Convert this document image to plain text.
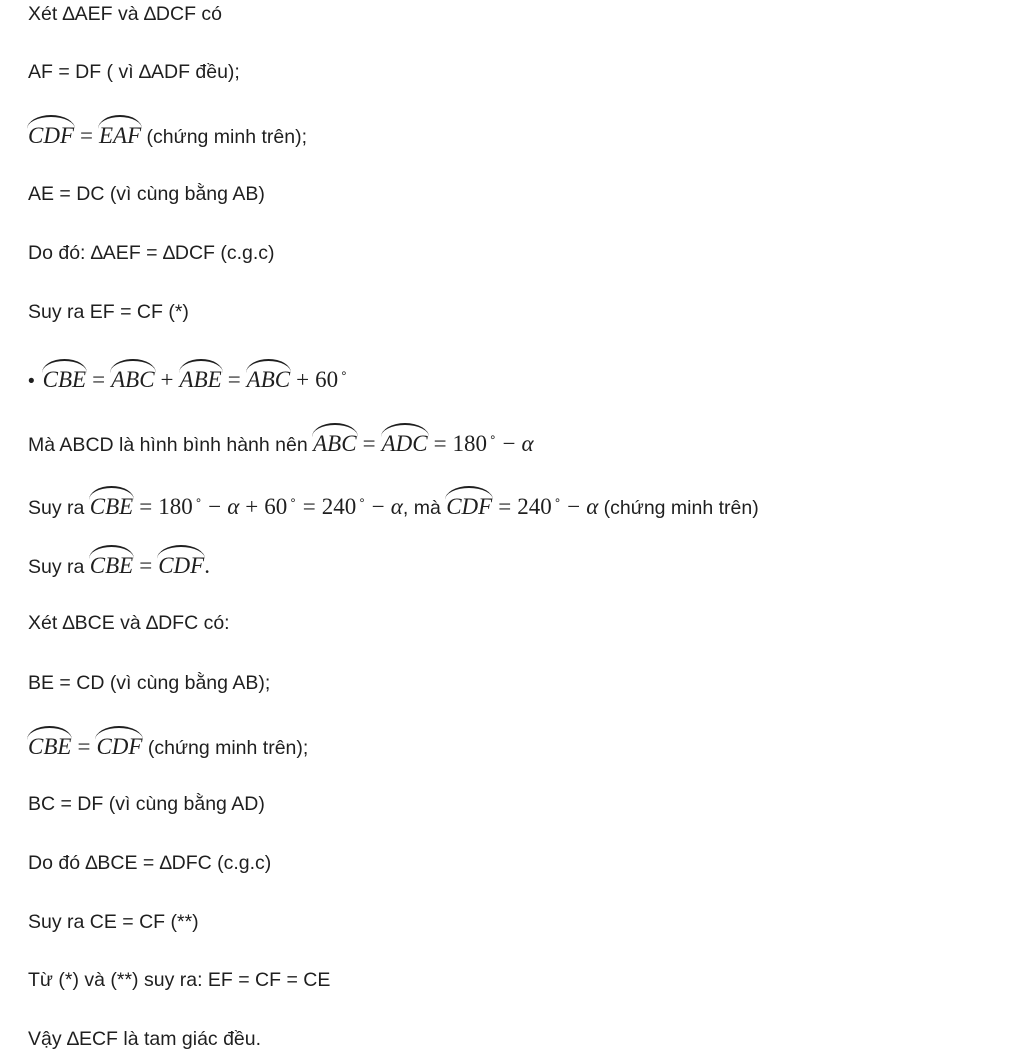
Xét ∆AEF và ∆DCF có
AF = DF ( vì ∆ADF đều);
CDF = EAF (chứng minh trên);
AE = DC (vì cùng bằng AB)
Do đó: ∆AEF = ∆DCF (c.g.c)
Suy ra EF = CF (*)
• CBE = ABC + ABE = ABC + 60 ∘
Mà ABCD là hình bình hành nên ABC = ADC = 180 ∘ − α
Suy ra CBE = 180 ∘ − α + 60 ∘ = 240 ∘ − α, mà CDF = 240 ∘ − α (chứng minh trên)
Suy ra CBE = CDF.
Xét ∆BCE và ∆DFC có:
BE = CD (vì cùng bằng AB);
CBE = CDF (chứng minh trên);
BC = DF (vì cùng bằng AD)
Do đó ∆BCE = ∆DFC (c.g.c)
Suy ra CE = CF (**)
Từ (*) và (**) suy ra: EF = CF = CE
Vậy ∆ECF là tam giác đều.
